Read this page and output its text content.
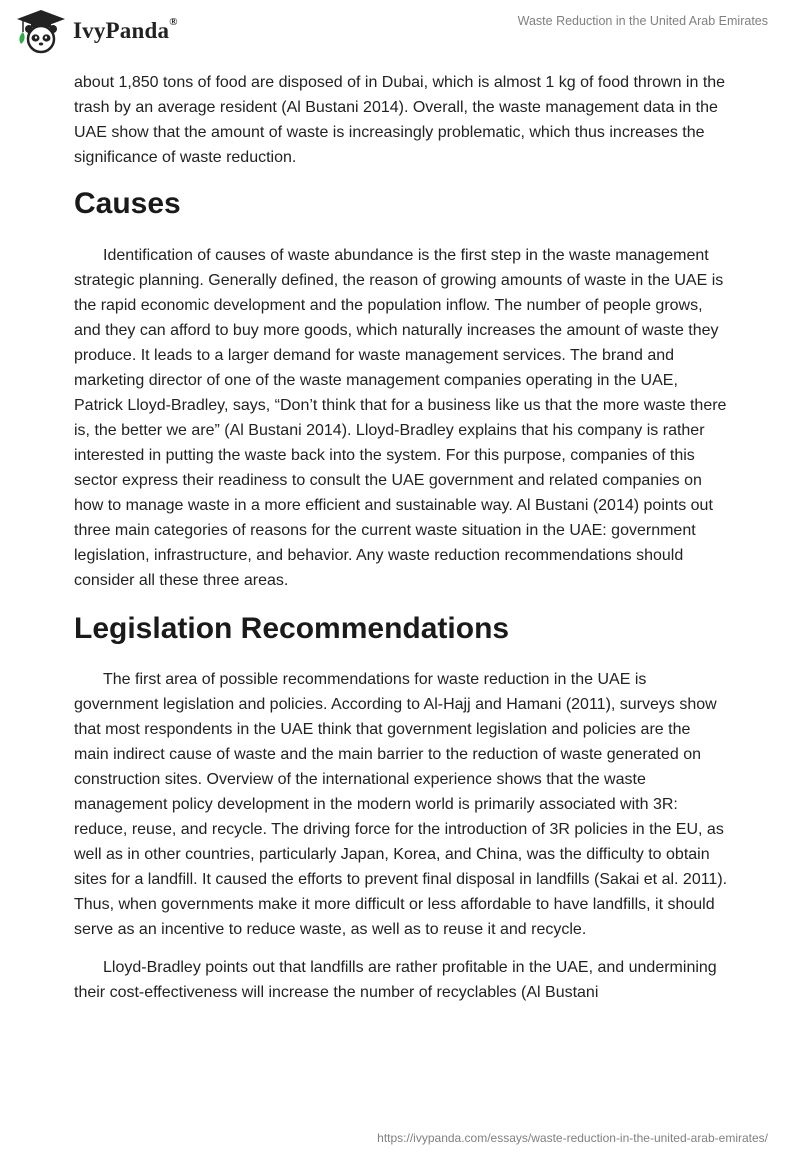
IvyPanda®	Waste Reduction in the United Arab Emirates

about 1,850 tons of food are disposed of in Dubai, which is almost 1 kg of food thrown in the trash by an average resident (Al Bustani 2014). Overall, the waste management data in the UAE show that the amount of waste is increasingly problematic, which thus increases the significance of waste reduction.

Causes

Identification of causes of waste abundance is the first step in the waste management strategic planning. Generally defined, the reason of growing amounts of waste in the UAE is the rapid economic development and the population inflow. The number of people grows, and they can afford to buy more goods, which naturally increases the amount of waste they produce. It leads to a larger demand for waste management services. The brand and marketing director of one of the waste management companies operating in the UAE, Patrick Lloyd-Bradley, says, “Don’t think that for a business like us that the more waste there is, the better we are” (Al Bustani 2014). Lloyd-Bradley explains that his company is rather interested in putting the waste back into the system. For this purpose, companies of this sector express their readiness to consult the UAE government and related companies on how to manage waste in a more efficient and sustainable way. Al Bustani (2014) points out three main categories of reasons for the current waste situation in the UAE: government legislation, infrastructure, and behavior. Any waste reduction recommendations should consider all these three areas.

Legislation Recommendations

The first area of possible recommendations for waste reduction in the UAE is government legislation and policies. According to Al-Hajj and Hamani (2011), surveys show that most respondents in the UAE think that government legislation and policies are the main indirect cause of waste and the main barrier to the reduction of waste generated on construction sites. Overview of the international experience shows that the waste management policy development in the modern world is primarily associated with 3R: reduce, reuse, and recycle. The driving force for the introduction of 3R policies in the EU, as well as in other countries, particularly Japan, Korea, and China, was the difficulty to obtain sites for a landfill. It caused the efforts to prevent final disposal in landfills (Sakai et al. 2011). Thus, when governments make it more difficult or less affordable to have landfills, it should serve as an incentive to reduce waste, as well as to reuse it and recycle.

Lloyd-Bradley points out that landfills are rather profitable in the UAE, and undermining their cost-effectiveness will increase the number of recyclables (Al Bustani

https://ivypanda.com/essays/waste-reduction-in-the-united-arab-emirates/
